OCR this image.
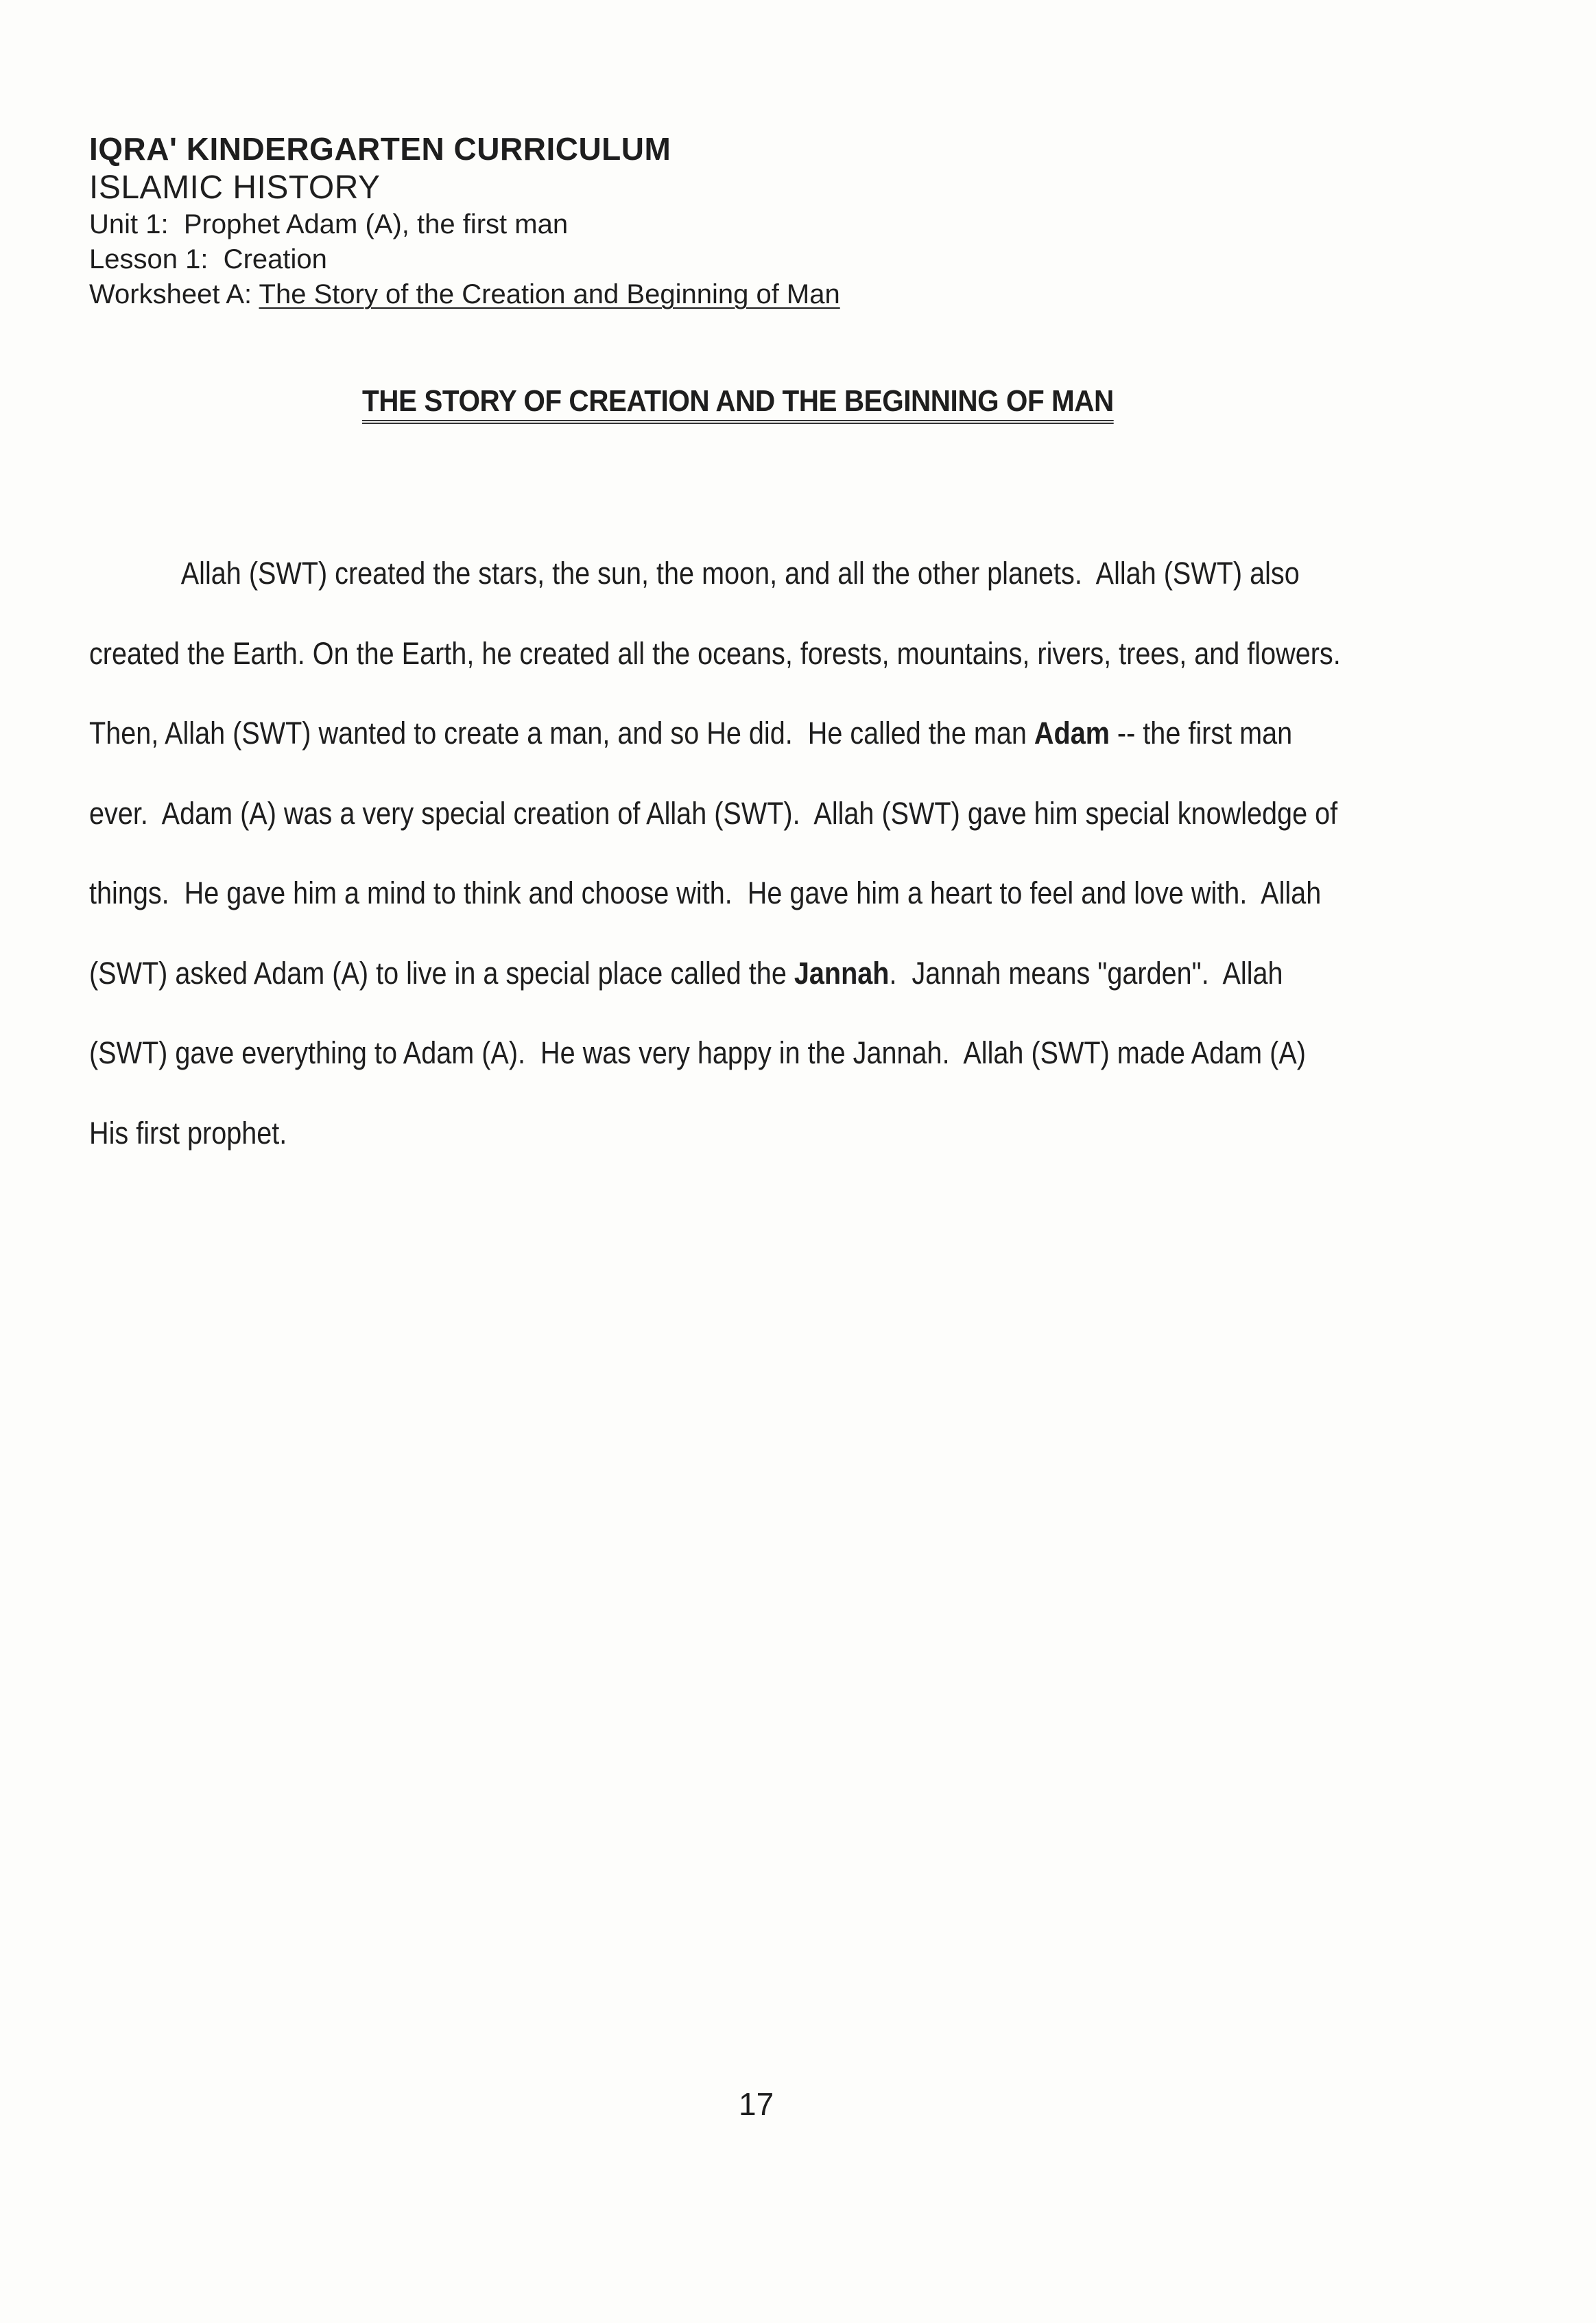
IQRA' KINDERGARTEN CURRICULUM
ISLAMIC HISTORY
Unit 1:  Prophet Adam (A), the first man
Lesson 1:  Creation
Worksheet A: The Story of the Creation and Beginning of Man
THE STORY OF CREATION AND THE BEGINNING OF MAN
Allah (SWT) created the stars, the sun, the moon, and all the other planets.  Allah (SWT) also
created the Earth. On the Earth, he created all the oceans, forests, mountains, rivers, trees, and flowers.
Then, Allah (SWT) wanted to create a man, and so He did.  He called the man Adam -- the first man
ever.  Adam (A) was a very special creation of Allah (SWT).  Allah (SWT) gave him special knowledge of
things.  He gave him a mind to think and choose with.  He gave him a heart to feel and love with.  Allah
(SWT) asked Adam (A) to live in a special place called the Jannah.  Jannah means "garden".  Allah
(SWT) gave everything to Adam (A).  He was very happy in the Jannah.  Allah (SWT) made Adam (A)
His first prophet.
17
